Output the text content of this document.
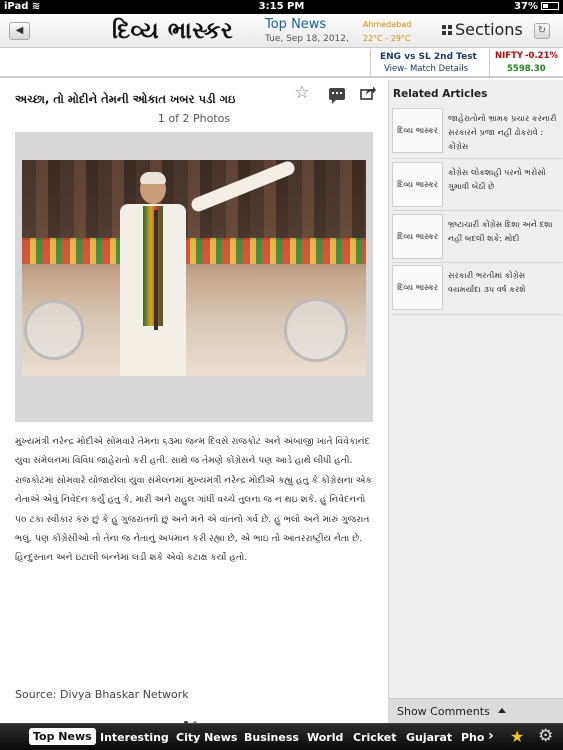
iPad ≋	3:15 PM	37%
◀	દિવ્ય ભાસ્કર Top News
Tue, Sep 18, 2012,
Ahmedabad
22°C - 29°C	Sections	↻
ENG vs SL 2nd Test
View- Match Details
NIFTY -0.21%
5598.30
અચ્છા, તો મોદીને તેમની ઓકાત ખબર પડી ગઇ	☆
1 of 2 Photos
મુખ્યમંત્રી નરેન્દ્ર મોદીએ સોમવારે તેમના ૬૩મા જન્મ દિવસે રાજકોટ અને અંબાજી ખાતે વિવેકાનંદ યુવા સંમેલનમાં વિવિધ જાહેરાતો કરી હતી. સાથે જ તેમણે કોંગ્રેસને પણ આડે હાથે લીધી હતી. રાજકોટમાં સોમવારે યોજાયેલા યુવા સંમેલનમાં મુખ્યમંત્રી નરેન્દ્ર મોદીએ કહ્યું હતુ કે કોંગ્રેસના એક નેતાએ એવું નિવેદન કર્યું હતુ કે, મારી અને રાહુલ ગાંધી વચ્ચે તુલના જ ન થઇ શકે. હું નિવેદનનો ૫૦ ટકા સ્વીકાર કરું છું કે હું ગુજરાતનો છું અને મને એ વાતનો ગર્વ છે. હું ભલો અને મારું ગુજરાત ભલું. પણ કોંગ્રેસીઓ તો તેના જ નેતાનું અપમાન કરી રહ્યા છે, એ ભાઇ તો આંતરરાષ્ટ્રીય નેતા છે. હિન્દુસ્તાન અને ઇટાલી બન્નેમાં લડી શકે એવો કટાક્ષ કર્યો હતો.
Source: Divya Bhaskar Network
Related Articles
દિવ્ય ભાસ્કર
જાહેરાતોનો ભ્રામક પ્રચાર કરનારી સરકારને પ્રજા નહીં ઢોકરાવે : કોંગ્રેસ
દિવ્ય ભાસ્કર
કોંગ્રેસ લોકશાહી પરનો ભરોસો ગુમાવી બેઠી છે
દિવ્ય ભાસ્કર
ભ્રષ્ટાચારી કોંગ્રેસ દિશા અને દશા નહીં બદલી શકે: મોદી
દિવ્ય ભાસ્કર
સરકારી ભરતીમાં કોંગ્રેસ વયમર્યાદા ૩૫ વર્ષ કરશે
Show Comments
Top News Interesting City News Business World Cricket Gujarat Pho › ★ ⚙
